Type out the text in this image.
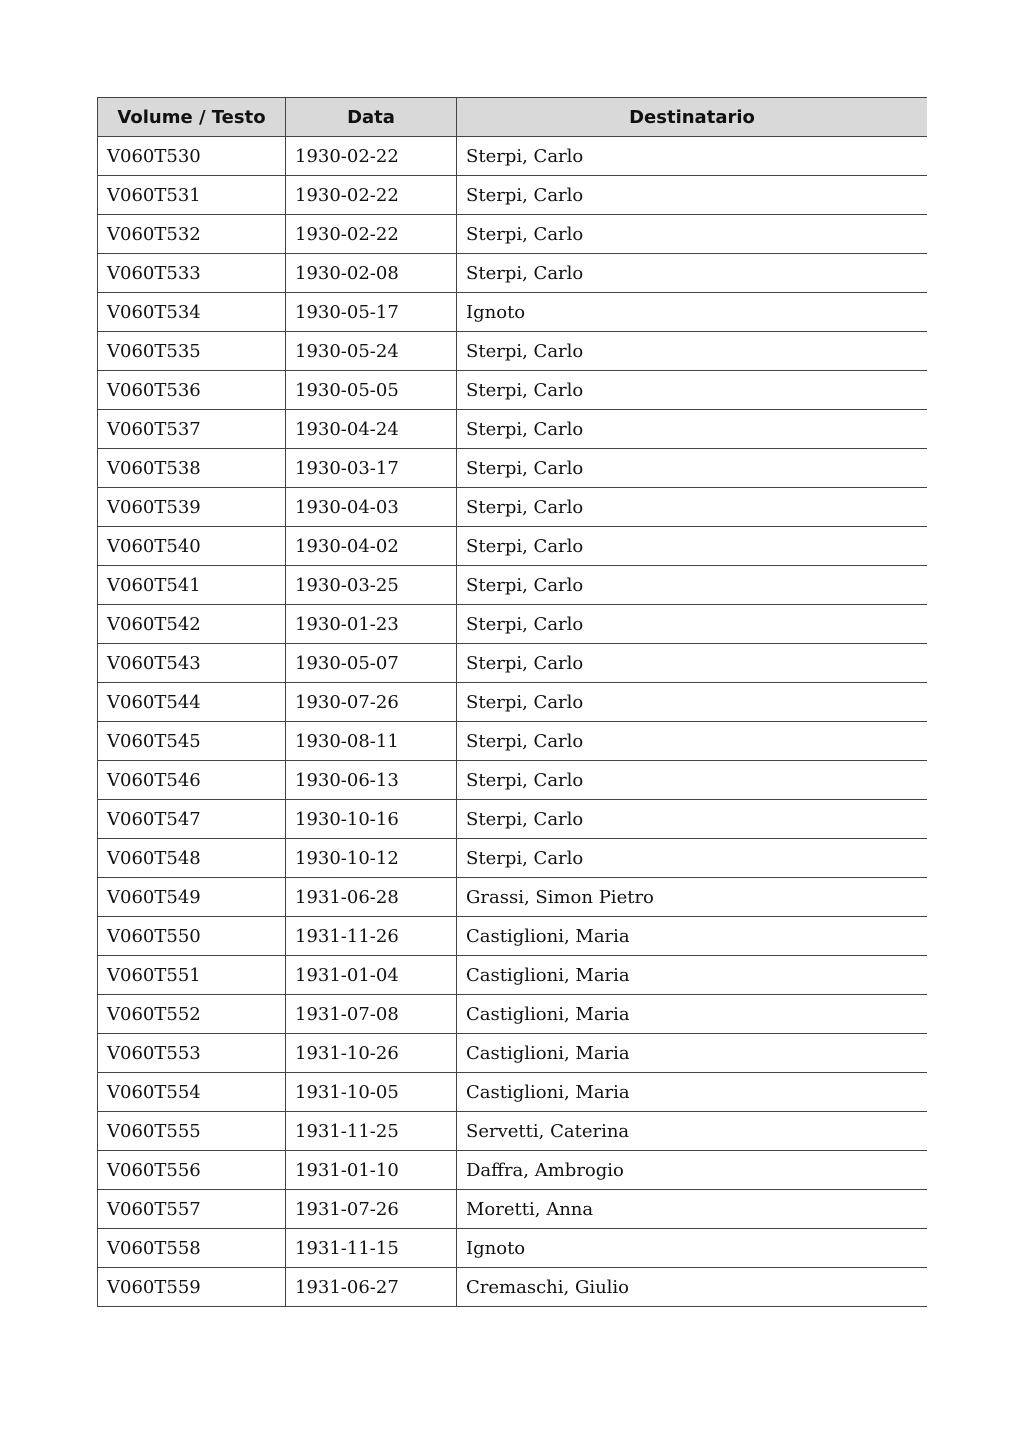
Volume / Testo	Data	Destinatario
V060T530	1930-02-22	Sterpi, Carlo
V060T531	1930-02-22	Sterpi, Carlo
V060T532	1930-02-22	Sterpi, Carlo
V060T533	1930-02-08	Sterpi, Carlo
V060T534	1930-05-17	Ignoto
V060T535	1930-05-24	Sterpi, Carlo
V060T536	1930-05-05	Sterpi, Carlo
V060T537	1930-04-24	Sterpi, Carlo
V060T538	1930-03-17	Sterpi, Carlo
V060T539	1930-04-03	Sterpi, Carlo
V060T540	1930-04-02	Sterpi, Carlo
V060T541	1930-03-25	Sterpi, Carlo
V060T542	1930-01-23	Sterpi, Carlo
V060T543	1930-05-07	Sterpi, Carlo
V060T544	1930-07-26	Sterpi, Carlo
V060T545	1930-08-11	Sterpi, Carlo
V060T546	1930-06-13	Sterpi, Carlo
V060T547	1930-10-16	Sterpi, Carlo
V060T548	1930-10-12	Sterpi, Carlo
V060T549	1931-06-28	Grassi, Simon Pietro
V060T550	1931-11-26	Castiglioni, Maria
V060T551	1931-01-04	Castiglioni, Maria
V060T552	1931-07-08	Castiglioni, Maria
V060T553	1931-10-26	Castiglioni, Maria
V060T554	1931-10-05	Castiglioni, Maria
V060T555	1931-11-25	Servetti, Caterina
V060T556	1931-01-10	Daffra, Ambrogio
V060T557	1931-07-26	Moretti, Anna
V060T558	1931-11-15	Ignoto
V060T559	1931-06-27	Cremaschi, Giulio
